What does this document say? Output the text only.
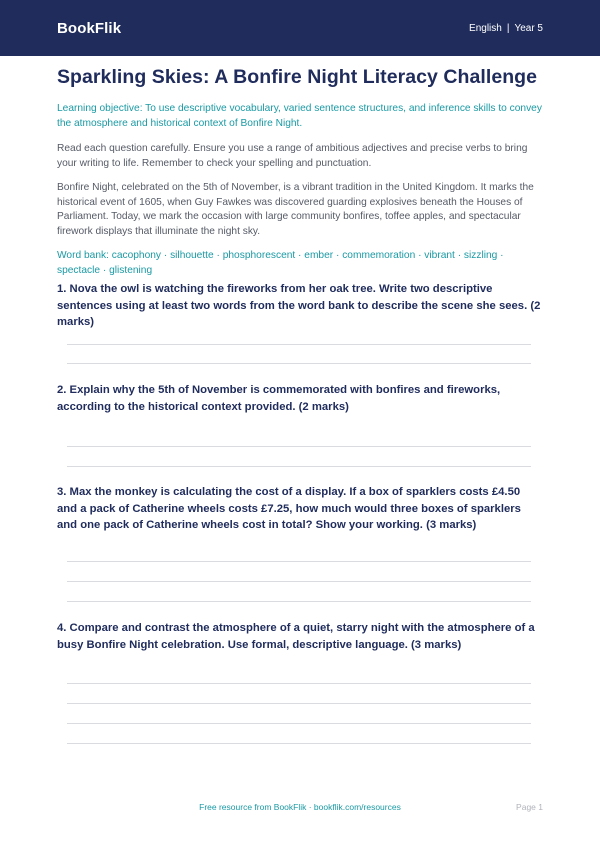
BookFlik	English | Year 5
Sparkling Skies: A Bonfire Night Literacy Challenge
Learning objective: To use descriptive vocabulary, varied sentence structures, and inference skills to convey the atmosphere and historical context of Bonfire Night.
Read each question carefully. Ensure you use a range of ambitious adjectives and precise verbs to bring your writing to life. Remember to check your spelling and punctuation.
Bonfire Night, celebrated on the 5th of November, is a vibrant tradition in the United Kingdom. It marks the historical event of 1605, when Guy Fawkes was discovered guarding explosives beneath the Houses of Parliament. Today, we mark the occasion with large community bonfires, toffee apples, and spectacular firework displays that illuminate the night sky.
Word bank: cacophony · silhouette · phosphorescent · ember · commemoration · vibrant · sizzling · spectacle · glistening
1. Nova the owl is watching the fireworks from her oak tree. Write two descriptive sentences using at least two words from the word bank to describe the scene she sees. (2 marks)
2. Explain why the 5th of November is commemorated with bonfires and fireworks, according to the historical context provided. (2 marks)
3. Max the monkey is calculating the cost of a display. If a box of sparklers costs £4.50 and a pack of Catherine wheels costs £7.25, how much would three boxes of sparklers and one pack of Catherine wheels cost in total? Show your working. (3 marks)
4. Compare and contrast the atmosphere of a quiet, starry night with the atmosphere of a busy Bonfire Night celebration. Use formal, descriptive language. (3 marks)
Free resource from BookFlik · bookflik.com/resources	Page 1
